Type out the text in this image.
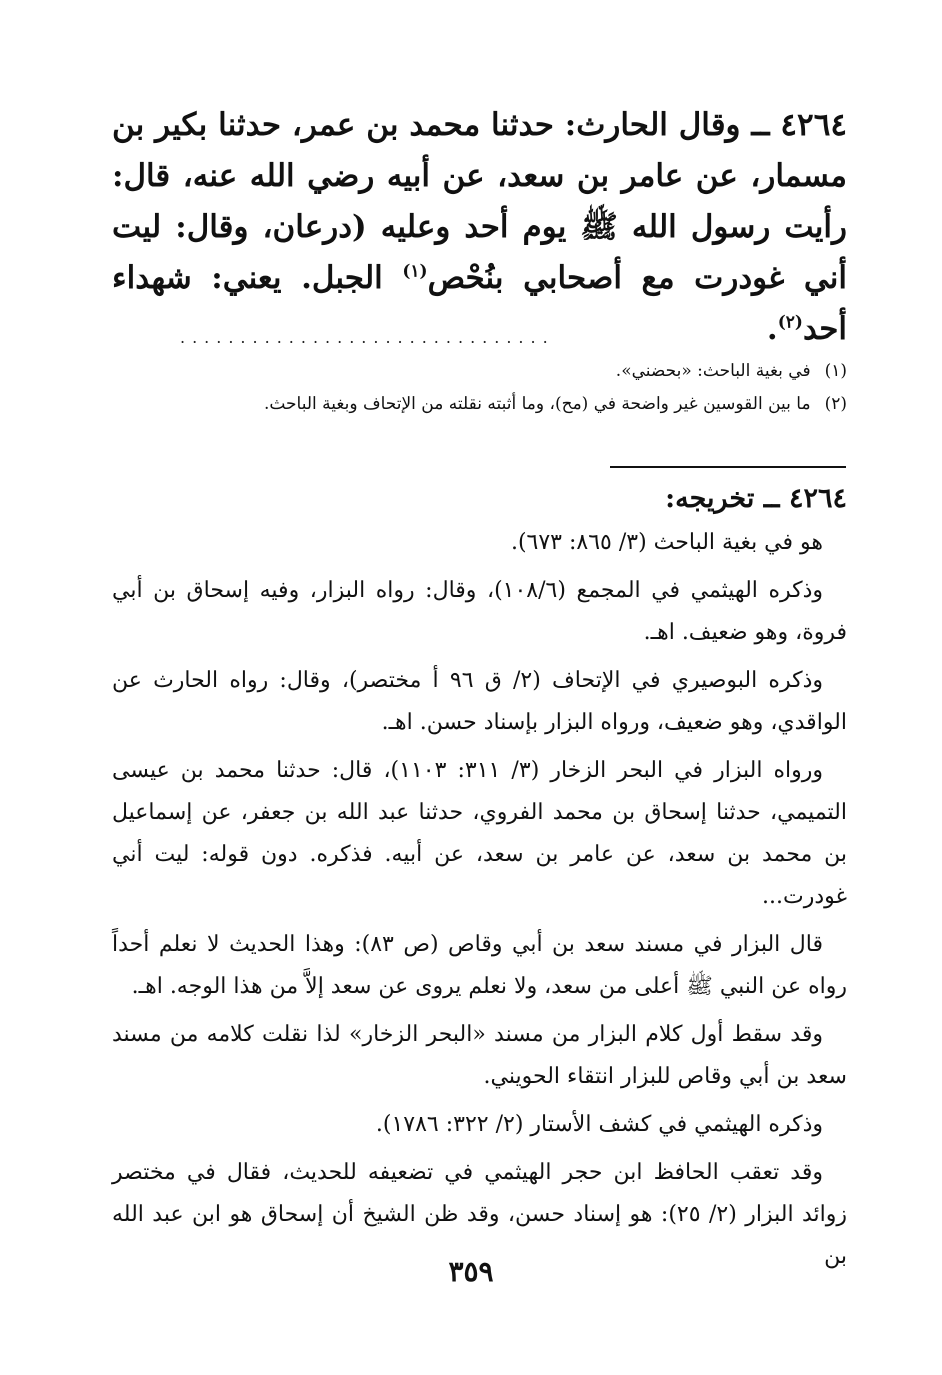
٤٢٦٤ ــ وقال الحارث: حدثنا محمد بن عمر، حدثنا بكير بن مسمار، عن عامر بن سعد، عن أبيه رضي الله عنه، قال: رأيت رسول الله ﷺ يوم أحد وعليه (درعان، وقال: ليت أني غودرت مع أصحابي بنُحْص$^{(١)}$ الجبل. يعني: شهداء أحد$^{(٢)}$.
...............................
(١)في بغية الباحث: «بحضني».
(٢)ما بين القوسين غير واضحة في (مح)، وما أثبته نقلته من الإتحاف وبغية الباحث.
٤٢٦٤ ــ تخريجه:

هو في بغية الباحث (٣/ ٨٦٥: ٦٧٣).

وذكره الهيثمي في المجمع (١٠٨/٦)، وقال: رواه البزار، وفيه إسحاق بن أبي فروة، وهو ضعيف. اهـ.

وذكره البوصيري في الإتحاف (٢/ ق ٩٦ أ مختصر)، وقال: رواه الحارث عن الواقدي، وهو ضعيف، ورواه البزار بإسناد حسن. اهـ.

ورواه البزار في البحر الزخار (٣/ ٣١١: ١١٠٣)، قال: حدثنا محمد بن عيسى التميمي، حدثنا إسحاق بن محمد الفروي، حدثنا عبد الله بن جعفر، عن إسماعيل بن محمد بن سعد، عن عامر بن سعد، عن أبيه. فذكره. دون قوله: ليت أني غودرت...

قال البزار في مسند سعد بن أبي وقاص (ص ٨٣): وهذا الحديث لا نعلم أحداً رواه عن النبي ﷺ أعلى من سعد، ولا نعلم يروى عن سعد إلاَّ من هذا الوجه. اهـ.

وقد سقط أول كلام البزار من مسند «البحر الزخار» لذا نقلت كلامه من مسند سعد بن أبي وقاص للبزار انتقاء الحويني.

وذكره الهيثمي في كشف الأستار (٢/ ٣٢٢: ١٧٨٦).

وقد تعقب الحافظ ابن حجر الهيثمي في تضعيفه للحديث، فقال في مختصر زوائد البزار (٢/ ٢٥): هو إسناد حسن، وقد ظن الشيخ أن إسحاق هو ابن عبد الله بن

٣٥٩
